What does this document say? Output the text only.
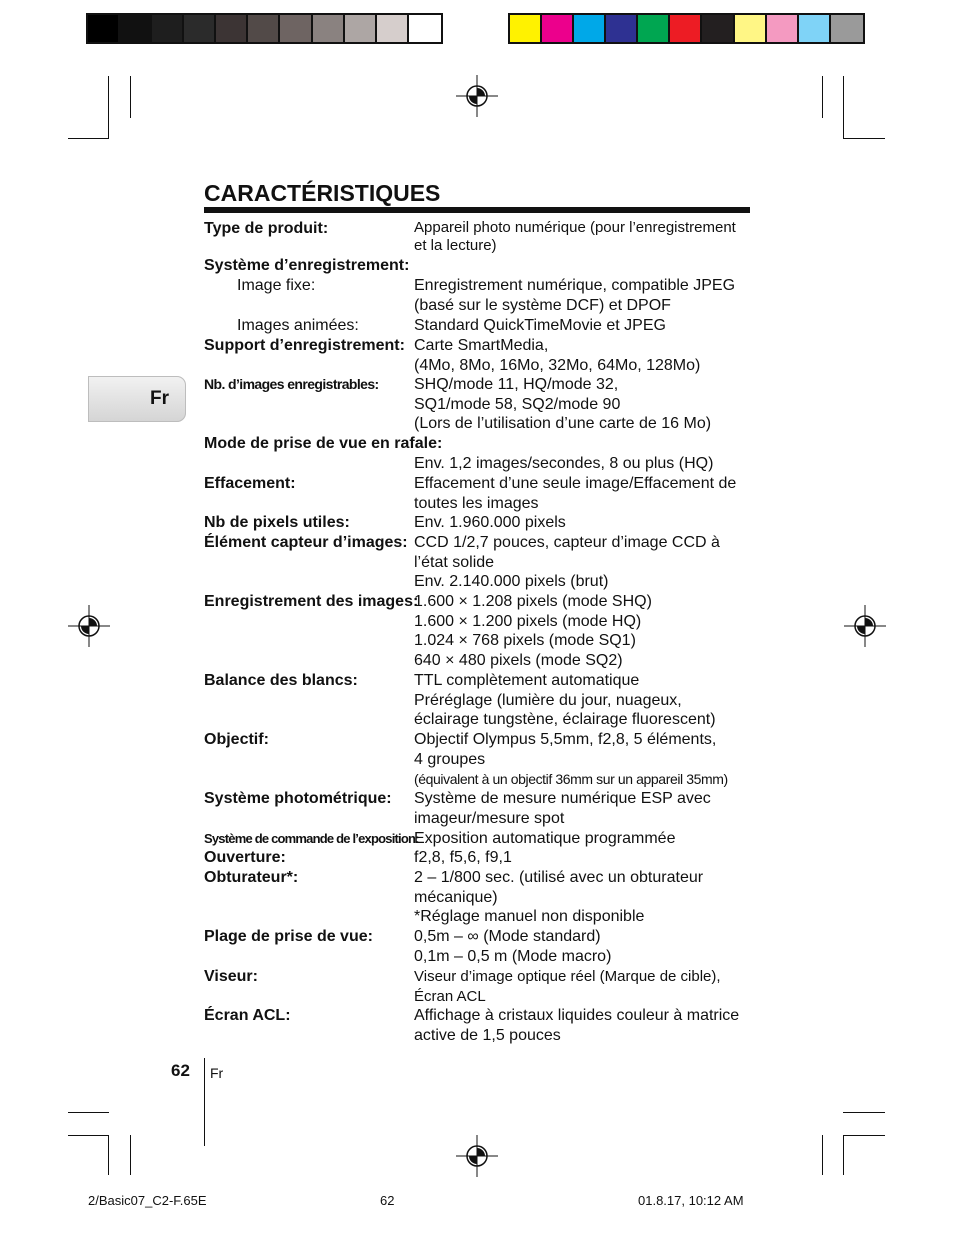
Fr
CARACTÉRISTIQUES
Type de produit:	Appareil photo numérique (pour l’enregistrement
et la lecture)
Système d’enregistrement:
Image fixe:	Enregistrement numérique, compatible JPEG
(basé sur le système DCF) et DPOF
Images animées:	Standard QuickTimeMovie et JPEG
Support d’enregistrement: Carte SmartMedia,
(4Mo, 8Mo, 16Mo, 32Mo, 64Mo, 128Mo)
Nb. d’images enregistrables: SHQ/mode 11, HQ/mode 32,
SQ1/mode 58, SQ2/mode 90
(Lors de l’utilisation d’une carte de 16 Mo)
Mode de prise de vue en rafale:
Env. 1,2 images/secondes, 8 ou plus (HQ)
Effacement:	Effacement d’une seule image/Effacement de
toutes les images
Nb de pixels utiles:	Env. 1.960.000 pixels
Élément capteur d’images: CCD 1/2,7 pouces, capteur d’image CCD à
l’état solide
Env. 2.140.000 pixels (brut)
Enregistrement des images:
1.600 × 1.208 pixels (mode SHQ)
1.600 × 1.200 pixels (mode HQ)
1.024 × 768 pixels (mode SQ1)
640 × 480 pixels (mode SQ2)
Balance des blancs:	TTL complètement automatique
Préréglage (lumière du jour, nuageux,
éclairage tungstène, éclairage fluorescent)
Objectif:	Objectif Olympus 5,5mm, f2,8, 5 éléments,
4 groupes
(équivalent à un objectif 36mm sur un appareil 35mm)
Système photométrique: Système de mesure numérique ESP avec
imageur/mesure spot
Système de commande de l’exposition:
Exposition automatique programmée
Ouverture:	f2,8, f5,6, f9,1
Obturateur*:	2 – 1/800 sec. (utilisé avec un obturateur
mécanique)
*Réglage manuel non disponible
Plage de prise de vue:	0,5m – ∞ (Mode standard)
0,1m – 0,5 m (Mode macro)
Viseur:	Viseur d’image optique réel (Marque de cible),
Écran ACL
Écran ACL:	Affichage à cristaux liquides couleur à matrice
active de 1,5 pouces
62 Fr
2/Basic07_C2-F.65E	62	01.8.17, 10:12 AM
